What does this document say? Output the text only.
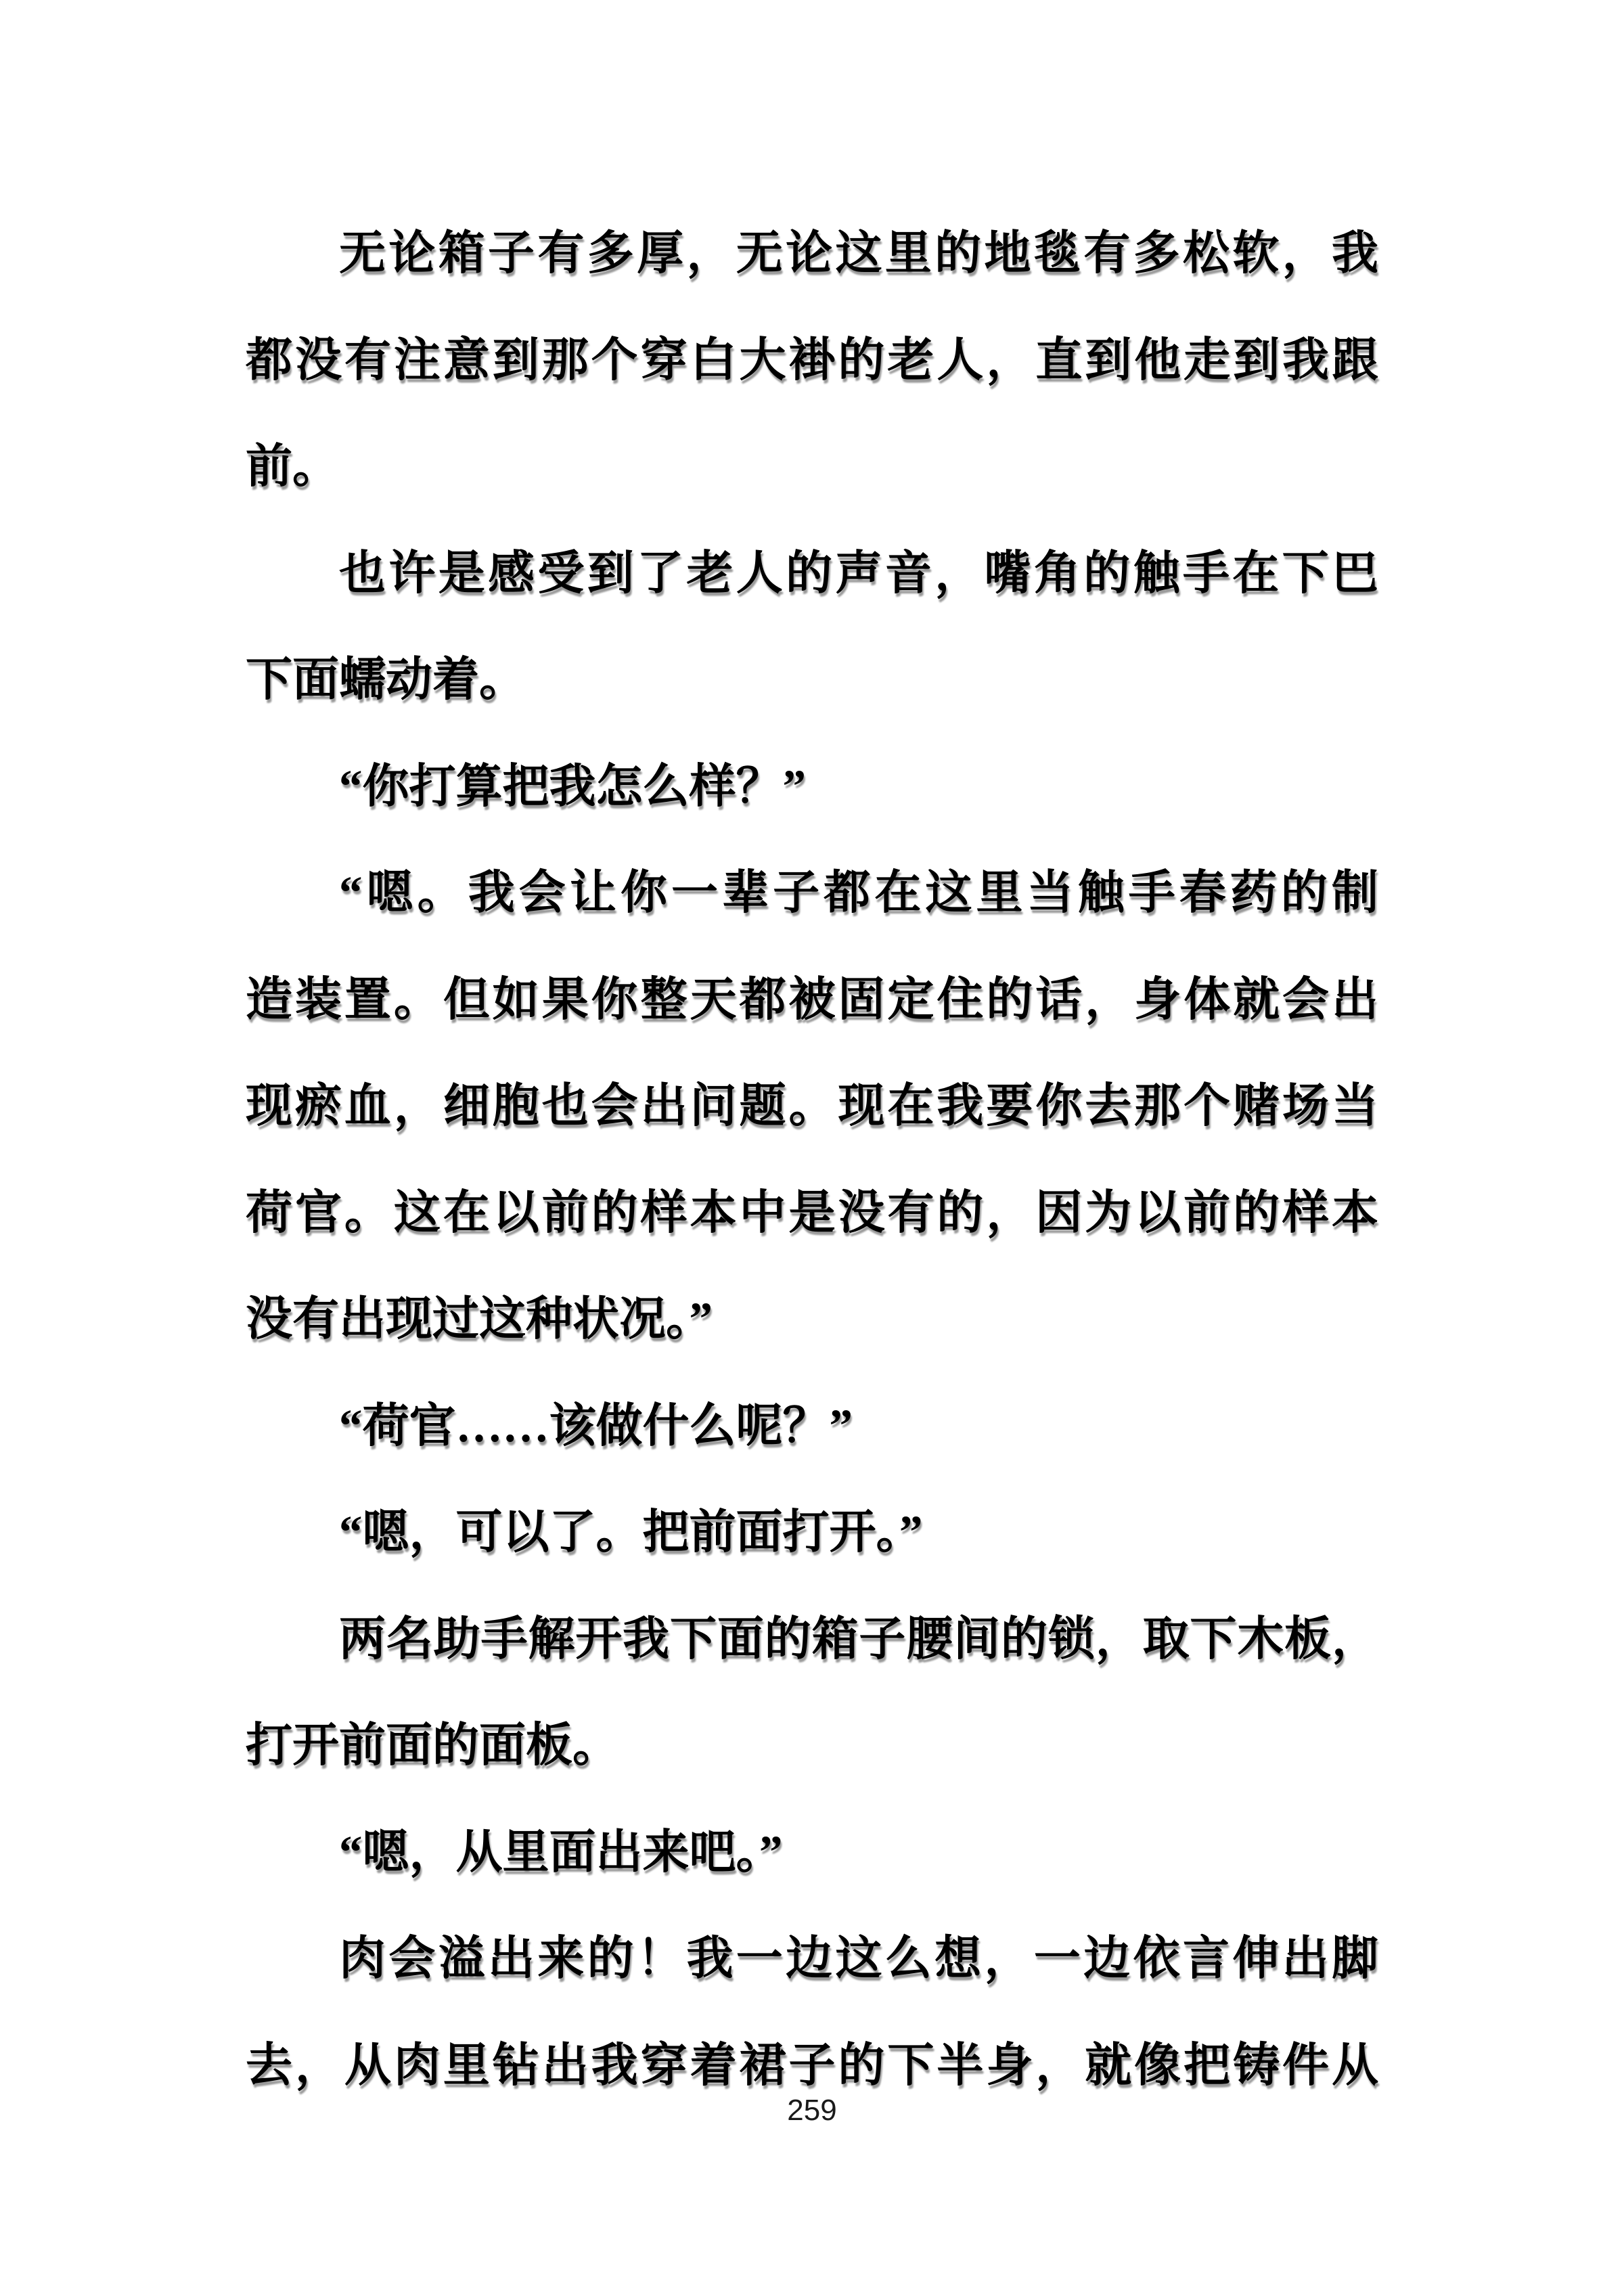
无论箱子有多厚，无论这里的地毯有多松软，我
都没有注意到那个穿白大褂的老人，直到他走到我跟
前。
也许是感受到了老人的声音，嘴角的触手在下巴
下面蠕动着。
“你打算把我怎么样？”
“嗯。我会让你一辈子都在这里当触手春药的制
造装置。但如果你整天都被固定住的话，身体就会出
现瘀血，细胞也会出问题。现在我要你去那个赌场当
荷官。这在以前的样本中是没有的，因为以前的样本
没有出现过这种状况。”
“荷官……该做什么呢？”
“嗯，可以了。把前面打开。”
两名助手解开我下面的箱子腰间的锁，取下木板，
打开前面的面板。
“嗯，从里面出来吧。”
肉会溢出来的！我一边这么想，一边依言伸出脚
去，从肉里钻出我穿着裙子的下半身，就像把铸件从
259
